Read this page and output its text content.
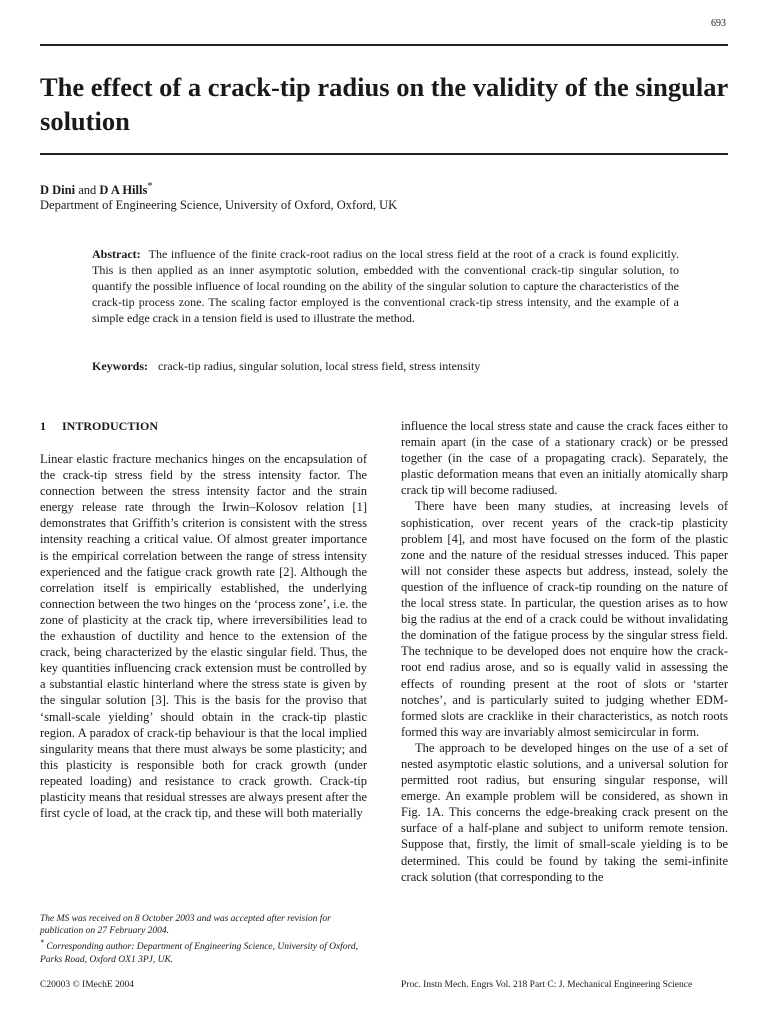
693
The effect of a crack-tip radius on the validity of the singular solution
D Dini and D A Hills*
Department of Engineering Science, University of Oxford, Oxford, UK

Abstract: The influence of the finite crack-root radius on the local stress field at the root of a crack is found explicitly. This is then applied as an inner asymptotic solution, embedded with the conventional crack-tip singular solution, to quantify the possible influence of local rounding on the ability of the singular solution to capture the characteristics of the crack-tip process zone. The scaling factor employed is the conventional crack-tip stress intensity, and the example of a simple edge crack in a tension field is used to illustrate the method.

Keywords: crack-tip radius, singular solution, local stress field, stress intensity
1 INTRODUCTION

Linear elastic fracture mechanics hinges on the encapsulation of the crack-tip stress field by the stress intensity factor. The connection between the stress intensity factor and the strain energy release rate through the Irwin–Kolosov relation [1] demonstrates that Griffith’s criterion is consistent with the stress intensity reaching a critical value. Of almost greater importance is the empirical correlation between the range of stress intensity experienced and the fatigue crack growth rate [2]. Although the correlation itself is empirically established, the underlying connection between the two hinges on the ‘process zone’, i.e. the zone of plasticity at the crack tip, where irreversibilities lead to the exhaustion of ductility and hence to the extension of the crack, being characterized by the elastic singular field. Thus, the key quantities influencing crack extension must be controlled by a substantial elastic hinterland where the stress state is given by the singular solution [3]. This is the basis for the proviso that ‘small-scale yielding’ should obtain in the crack-tip plastic region. A paradox of crack-tip behaviour is that the local implied singularity means that there must always be some plasticity; and this plasticity is responsible both for crack growth (under repeated loading) and resistance to crack growth. Crack-tip plasticity means that residual stresses are always present after the first cycle of load, at the crack tip, and these will both materially

influence the local stress state and cause the crack faces either to remain apart (in the case of a stationary crack) or be pressed together (in the case of a propagating crack). Separately, the plastic deformation means that even an initially atomically sharp crack tip will become radiused.

There have been many studies, at increasing levels of sophistication, over recent years of the crack-tip plasticity problem [4], and most have focused on the form of the plastic zone and the nature of the residual stresses induced. This paper will not consider these aspects but address, instead, solely the question of the influence of crack-tip rounding on the nature of the local stress state. In particular, the question arises as to how big the radius at the end of a crack could be without invalidating the domination of the fatigue process by the singular stress field. The technique to be developed does not enquire how the crack-root end radius arose, and so is equally valid in assessing the effects of rounding present at the root of slots or ‘starter notches’, and is particularly suited to judging whether EDM-formed slots are cracklike in their characteristics, as notch roots formed this way are invariably almost semicircular in form.

The approach to be developed hinges on the use of a set of nested asymptotic elastic solutions, and a universal solution for permitted root radius, but ensuring singular response, will emerge. An example problem will be considered, as shown in Fig. 1A. This concerns the edge-breaking crack present on the surface of a half-plane and subject to uniform remote tension. Suppose that, firstly, the limit of small-scale yielding is to be determined. This could be found by taking the semi-infinite crack solution (that corresponding to the

The MS was received on 8 October 2003 and was accepted after revision for publication on 27 February 2004.

* Corresponding author: Department of Engineering Science, University of Oxford, Parks Road, Oxford OX1 3PJ, UK.

C20003 © IMechE 2004	Proc. Instn Mech. Engrs Vol. 218 Part C: J. Mechanical Engineering Science
